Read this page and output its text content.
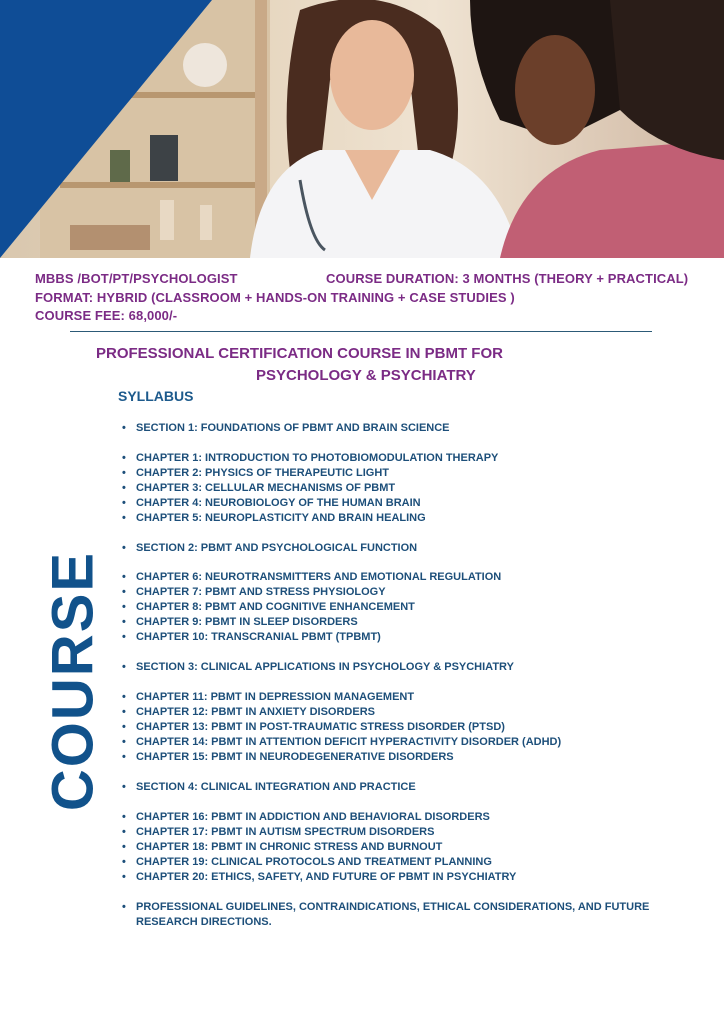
MBBS /BOT/PT/PSYCHOLOGIST	COURSE DURATION: 3 MONTHS (THEORY + PRACTICAL)
FORMAT: HYBRID (CLASSROOM + HANDS-ON TRAINING + CASE STUDIES )
COURSE FEE: 68,000/-
PROFESSIONAL CERTIFICATION COURSE IN PBMT FOR
PSYCHOLOGY & PSYCHIATRY
SYLLABUS
COURSE
• SECTION 1: FOUNDATIONS OF PBMT AND BRAIN SCIENCE
• CHAPTER 1: INTRODUCTION TO PHOTOBIOMODULATION THERAPY
• CHAPTER 2: PHYSICS OF THERAPEUTIC LIGHT
• CHAPTER 3: CELLULAR MECHANISMS OF PBMT
• CHAPTER 4: NEUROBIOLOGY OF THE HUMAN BRAIN
• CHAPTER 5: NEUROPLASTICITY AND BRAIN HEALING
• SECTION 2: PBMT AND PSYCHOLOGICAL FUNCTION
• CHAPTER 6: NEUROTRANSMITTERS AND EMOTIONAL REGULATION
• CHAPTER 7: PBMT AND STRESS PHYSIOLOGY
• CHAPTER 8: PBMT AND COGNITIVE ENHANCEMENT
• CHAPTER 9: PBMT IN SLEEP DISORDERS
• CHAPTER 10: TRANSCRANIAL PBMT (TPBMT)
• SECTION 3: CLINICAL APPLICATIONS IN PSYCHOLOGY & PSYCHIATRY
• CHAPTER 11: PBMT IN DEPRESSION MANAGEMENT
• CHAPTER 12: PBMT IN ANXIETY DISORDERS
• CHAPTER 13: PBMT IN POST-TRAUMATIC STRESS DISORDER (PTSD)
• CHAPTER 14: PBMT IN ATTENTION DEFICIT HYPERACTIVITY DISORDER (ADHD)
• CHAPTER 15: PBMT IN NEURODEGENERATIVE DISORDERS
• SECTION 4: CLINICAL INTEGRATION AND PRACTICE
• CHAPTER 16: PBMT IN ADDICTION AND BEHAVIORAL DISORDERS
• CHAPTER 17: PBMT IN AUTISM SPECTRUM DISORDERS
• CHAPTER 18: PBMT IN CHRONIC STRESS AND BURNOUT
• CHAPTER 19: CLINICAL PROTOCOLS AND TREATMENT PLANNING
• CHAPTER 20: ETHICS, SAFETY, AND FUTURE OF PBMT IN PSYCHIATRY
• PROFESSIONAL GUIDELINES, CONTRAINDICATIONS, ETHICAL CONSIDERATIONS, AND FUTURE RESEARCH DIRECTIONS.
